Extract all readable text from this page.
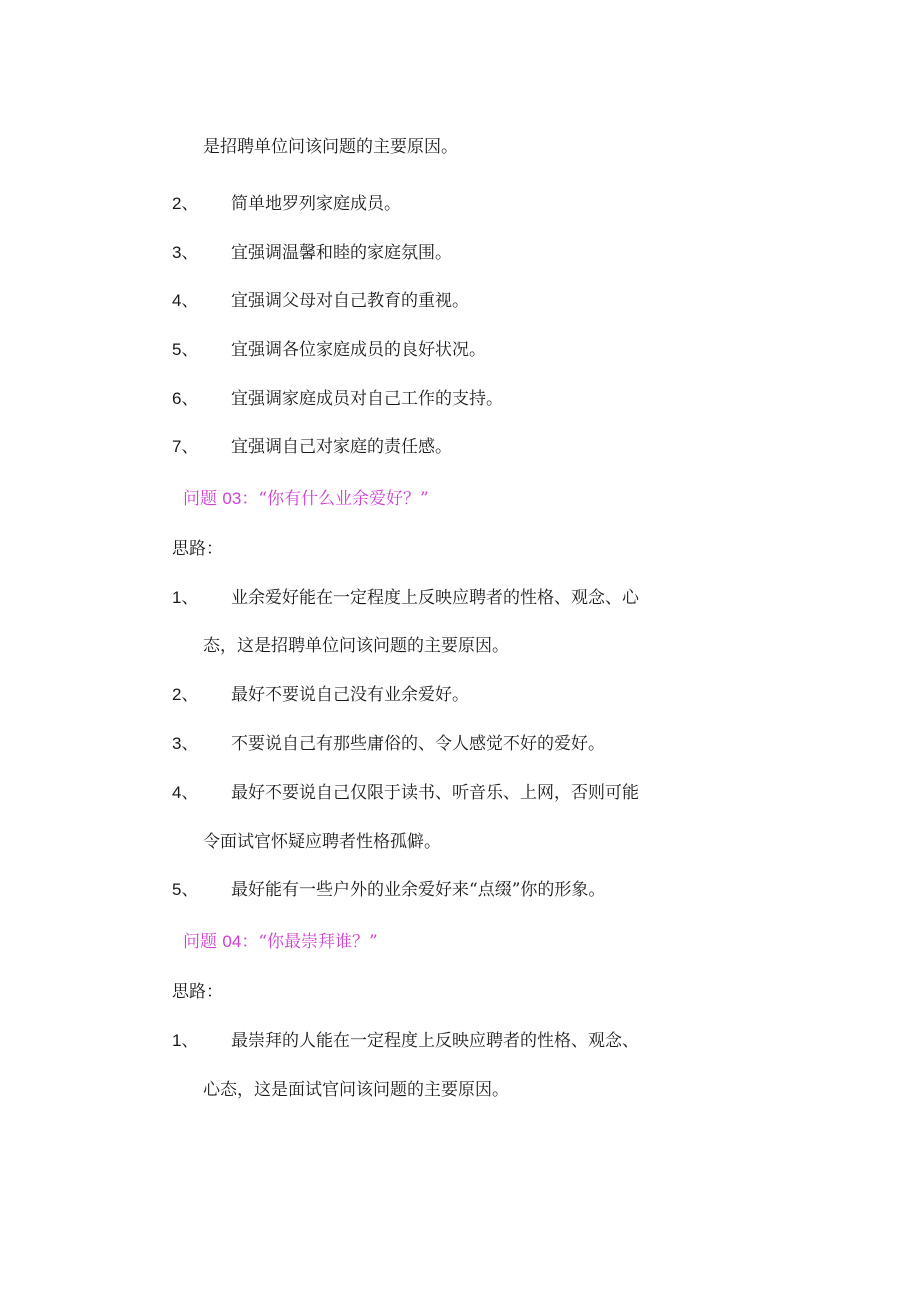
是招聘单位问该问题的主要原因。
2、 简单地罗列家庭成员。
3、 宜强调温馨和睦的家庭氛围。
4、 宜强调父母对自己教育的重视。
5、 宜强调各位家庭成员的良好状况。
6、 宜强调家庭成员对自己工作的支持。
7、 宜强调自己对家庭的责任感。
问题 03：“你有什么业余爱好？”
思路：
1、 业余爱好能在一定程度上反映应聘者的性格、观念、心
态，这是招聘单位问该问题的主要原因。
2、 最好不要说自己没有业余爱好。
3、 不要说自己有那些庸俗的、令人感觉不好的爱好。
4、 最好不要说自己仅限于读书、听音乐、上网，否则可能
令面试官怀疑应聘者性格孤僻。
5、 最好能有一些户外的业余爱好来“点缀”你的形象。
问题 04：“你最崇拜谁？”
思路：
1、 最崇拜的人能在一定程度上反映应聘者的性格、观念、
心态，这是面试官问该问题的主要原因。
